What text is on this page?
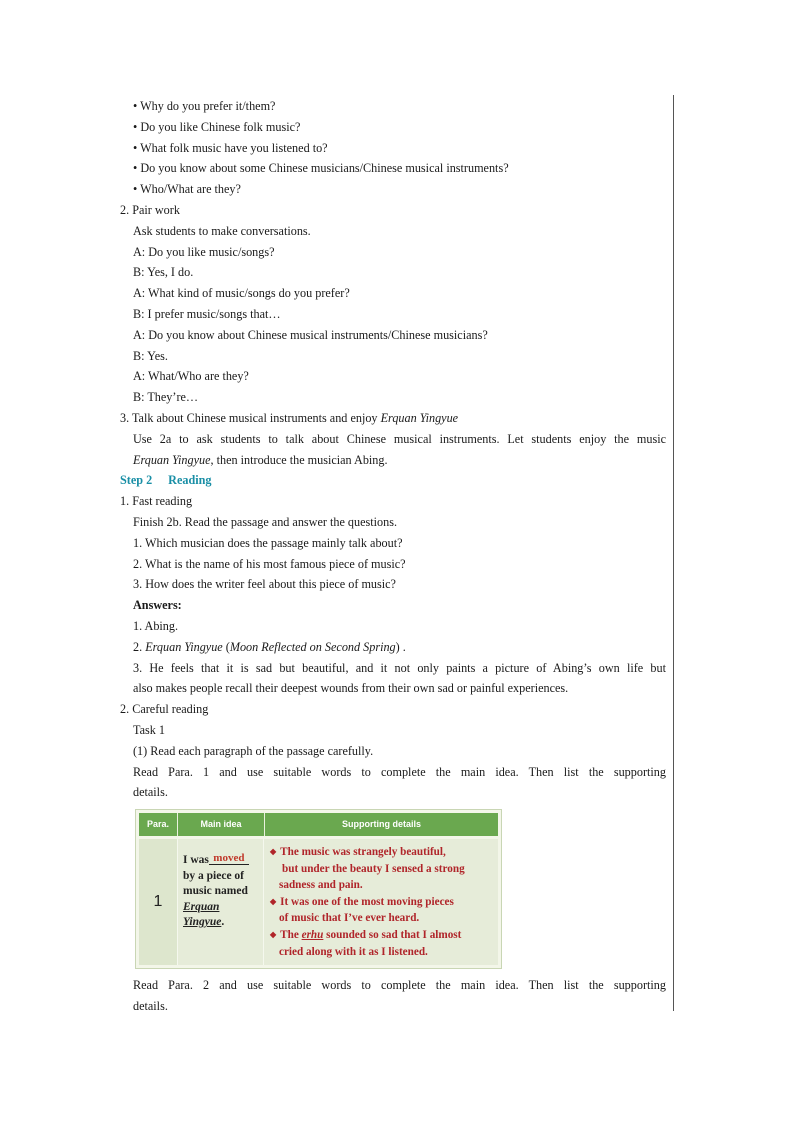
• Why do you prefer it/them?
• Do you like Chinese folk music?
• What folk music have you listened to?
• Do you know about some Chinese musicians/Chinese musical instruments?
• Who/What are they?
2. Pair work
Ask students to make conversations.
A: Do you like music/songs?
B: Yes, I do.
A: What kind of music/songs do you prefer?
B: I prefer music/songs that…
A: Do you know about Chinese musical instruments/Chinese musicians?
B: Yes.
A: What/Who are they?
B: They’re…
3. Talk about Chinese musical instruments and enjoy Erquan Yingyue
Use 2a to ask students to talk about Chinese musical instruments. Let students enjoy the music
Erquan Yingyue, then introduce the musician Abing.
Step 2 Reading
1. Fast reading
Finish 2b. Read the passage and answer the questions.
1. Which musician does the passage mainly talk about?
2. What is the name of his most famous piece of music?
3. How does the writer feel about this piece of music?
Answers:
1. Abing.
2. Erquan Yingyue (Moon Reflected on Second Spring) .
3. He feels that it is sad but beautiful, and it not only paints a picture of Abing’s own life but
also makes people recall their deepest wounds from their own sad or painful experiences.
2. Careful reading
Task 1
(1) Read each paragraph of the passage carefully.
Read Para. 1 and use suitable words to complete the main idea. Then list the supporting
details.
Para.	Main idea	Supporting details
1
I was moved
by a piece of
music named
Erquan
Yingyue.
◆ The music was strangely beautiful,
but under the beauty I sensed a strong
sadness and pain.
◆ It was one of the most moving pieces
of music that I’ve ever heard.
◆ The erhu sounded so sad that I almost
cried along with it as I listened.
Read Para. 2 and use suitable words to complete the main idea. Then list the supporting
details.
